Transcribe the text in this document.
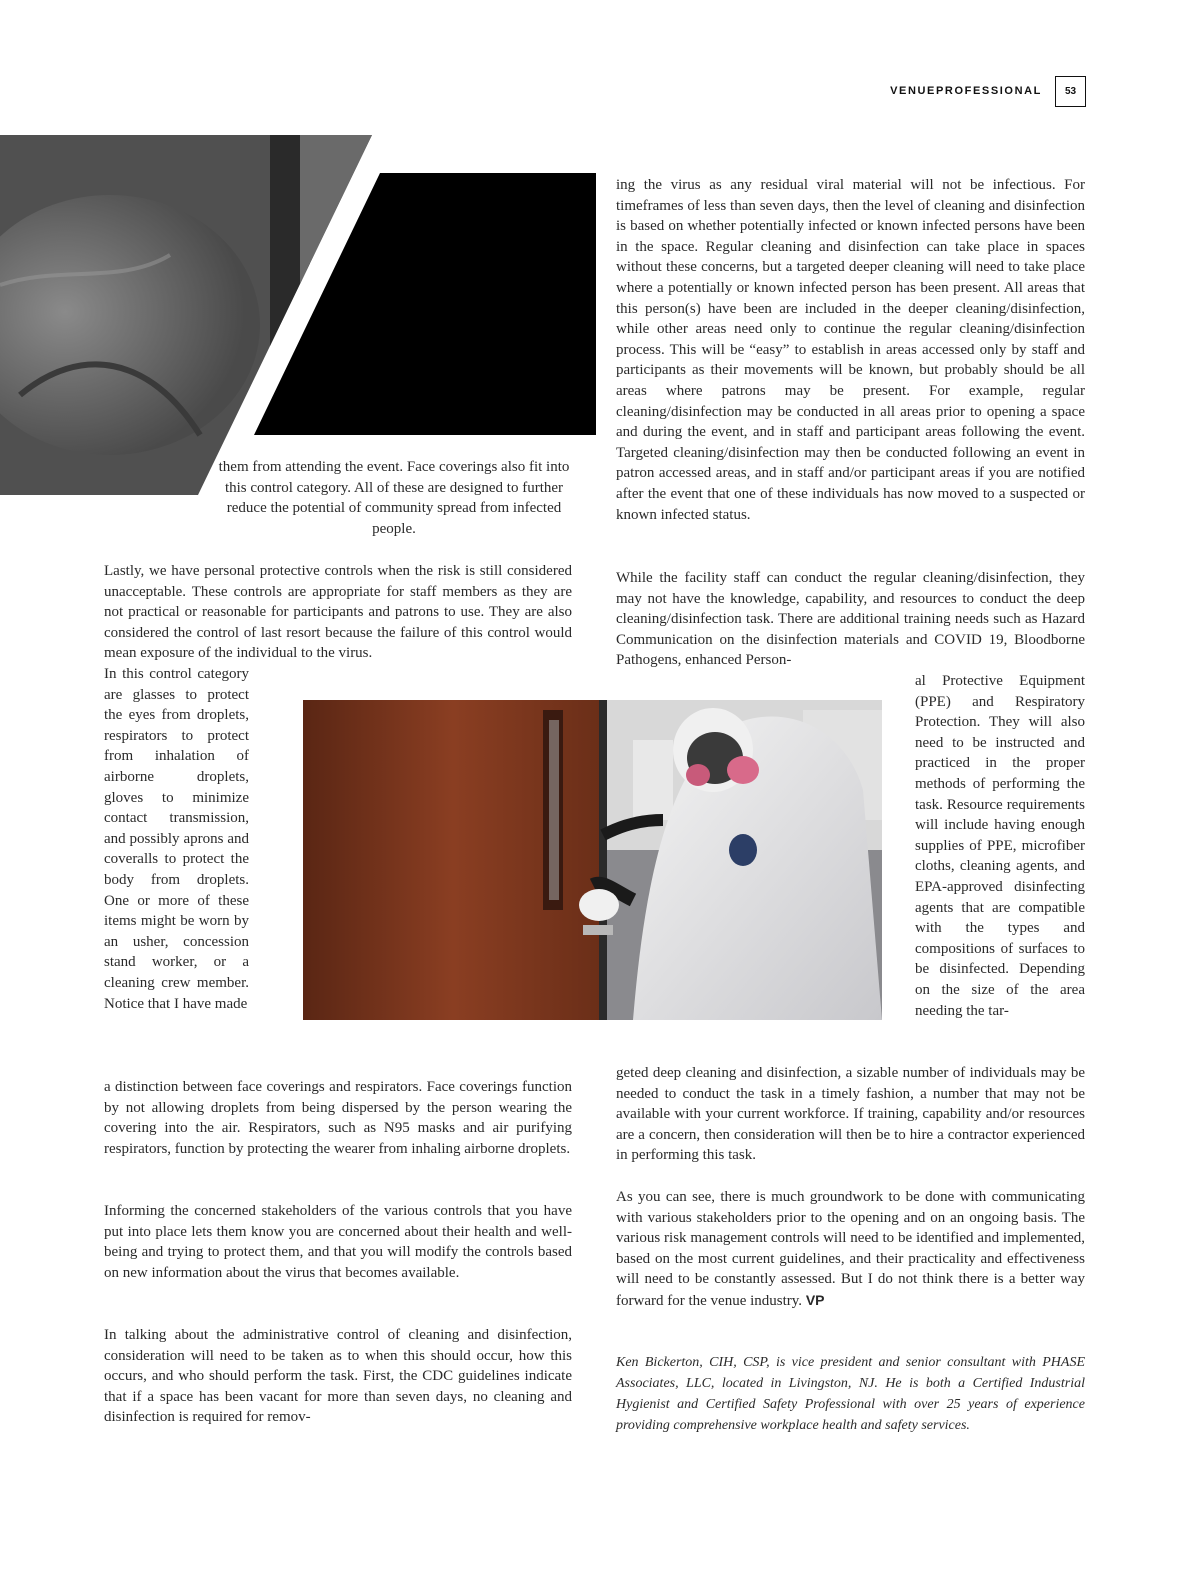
VENUEPROFESSIONAL	53

them from attending the event. Face coverings also fit into this control category. All of these are designed to further reduce the potential of community spread from infected people.

Lastly, we have personal protective controls when the risk is still considered unacceptable. These controls are appropriate for staff members as they are not practical or reasonable for participants and patrons to use. They are also considered the control of last resort because the failure of this control would mean exposure of the individual to the virus.

In this control category are glasses to protect the eyes from droplets, respirators to protect from inhalation of airborne droplets, gloves to minimize contact transmission, and possibly aprons and coveralls to protect the body from droplets. One or more of these items might be worn by an usher, concession stand worker, or a cleaning crew member. Notice that I have made

a distinction between face coverings and respirators. Face coverings function by not allowing droplets from being dispersed by the person wearing the covering into the air. Respirators, such as N95 masks and air purifying respirators, function by protecting the wearer from inhaling airborne droplets.

Informing the concerned stakeholders of the various controls that you have put into place lets them know you are concerned about their health and well-being and trying to protect them, and that you will modify the controls based on new information about the virus that becomes available.

In talking about the administrative control of cleaning and disinfection, consideration will need to be taken as to when this should occur, how this occurs, and who should perform the task. First, the CDC guidelines indicate that if a space has been vacant for more than seven days, no cleaning and disinfection is required for remov-

ing the virus as any residual viral material will not be infectious. For timeframes of less than seven days, then the level of cleaning and disinfection is based on whether potentially infected or known infected persons have been in the space. Regular cleaning and disinfection can take place in spaces without these concerns, but a targeted deeper cleaning will need to take place where a potentially or known infected person has been present. All areas that this person(s) have been are included in the deeper cleaning/disinfection, while other areas need only to continue the regular cleaning/disinfection process. This will be “easy” to establish in areas accessed only by staff and participants as their movements will be known, but probably should be all areas where patrons may be present. For example, regular cleaning/disinfection may be conducted in all areas prior to opening a space and during the event, and in staff and participant areas following the event. Targeted cleaning/disinfection may then be conducted following an event in patron accessed areas, and in staff and/or participant areas if you are notified after the event that one of these individuals has now moved to a suspected or known infected status.

While the facility staff can conduct the regular cleaning/disinfection, they may not have the knowledge, capability, and resources to conduct the deep cleaning/disinfection task. There are additional training needs such as Hazard Communication on the disinfection materials and COVID 19, Bloodborne Pathogens, enhanced Person-

al Protective Equipment (PPE) and Respiratory Protection. They will also need to be instructed and practiced in the proper methods of performing the task. Resource requirements will include having enough supplies of PPE, microfiber cloths, cleaning agents, and EPA-approved disinfecting agents that are compatible with the types and compositions of surfaces to be disinfected. Depending on the size of the area needing the tar-

geted deep cleaning and disinfection, a sizable number of individuals may be needed to conduct the task in a timely fashion, a number that may not be available with your current workforce. If training, capability and/or resources are a concern, then consideration will then be to hire a contractor experienced in performing this task.

As you can see, there is much groundwork to be done with communicating with various stakeholders prior to the opening and on an ongoing basis. The various risk management controls will need to be identified and implemented, based on the most current guidelines, and their practicality and effectiveness will need to be constantly assessed. But I do not think there is a better way forward for the venue industry. VP

Ken Bickerton, CIH, CSP, is vice president and senior consultant with PHASE Associates, LLC, located in Livingston, NJ. He is both a Certified Industrial Hygienist and Certified Safety Professional with over 25 years of experience providing comprehensive workplace health and safety services.
